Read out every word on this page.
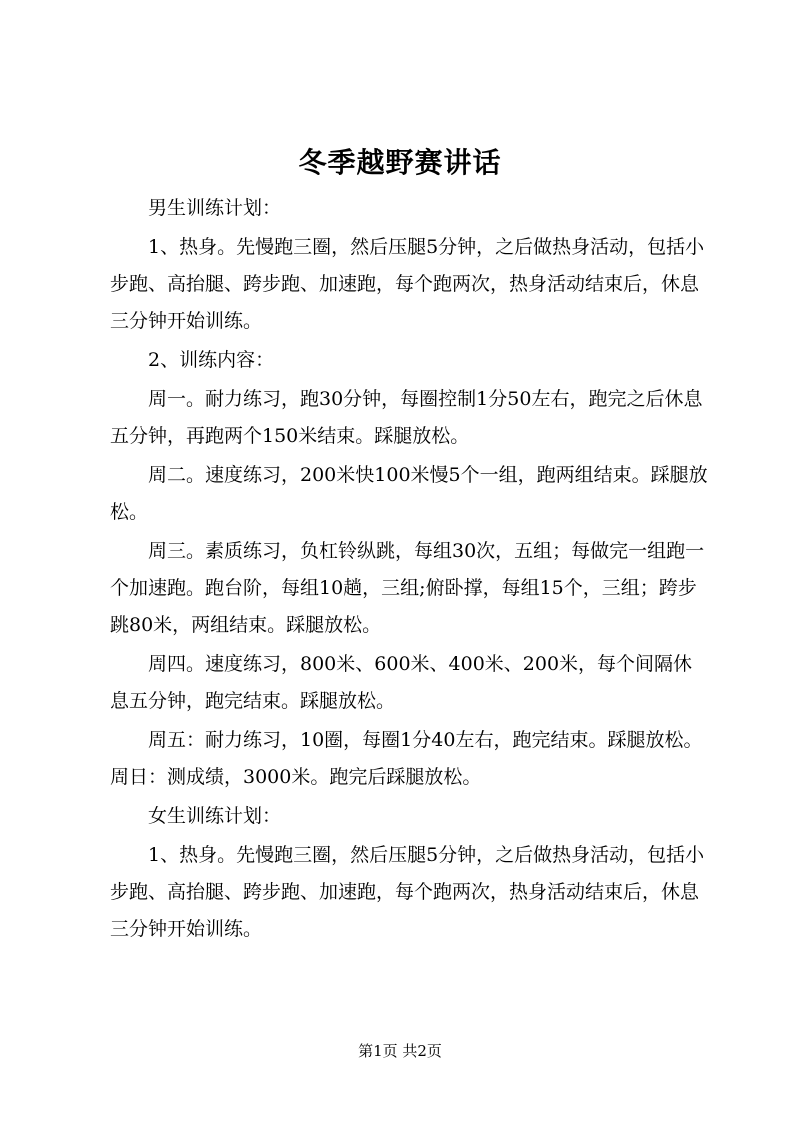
冬季越野赛讲话

男生训练计划：

1、热身。先慢跑三圈，然后压腿5分钟，之后做热身活动，包括小步跑、高抬腿、跨步跑、加速跑，每个跑两次，热身活动结束后，休息三分钟开始训练。

2、训练内容：

周一。耐力练习，跑30分钟，每圈控制1分50左右，跑完之后休息五分钟，再跑两个150米结束。踩腿放松。

周二。速度练习，200米快100米慢5个一组，跑两组结束。踩腿放松。

周三。素质练习，负杠铃纵跳，每组30次，五组；每做完一组跑一个加速跑。跑台阶，每组10趟，三组;俯卧撑，每组15个，三组；跨步跳80米，两组结束。踩腿放松。

周四。速度练习，800米、600米、400米、200米，每个间隔休息五分钟，跑完结束。踩腿放松。

周五：耐力练习，10圈，每圈1分40左右，跑完结束。踩腿放松。周日：测成绩，3000米。跑完后踩腿放松。

女生训练计划：

1、热身。先慢跑三圈，然后压腿5分钟，之后做热身活动，包括小步跑、高抬腿、跨步跑、加速跑，每个跑两次，热身活动结束后，休息三分钟开始训练。

第1页 共2页
